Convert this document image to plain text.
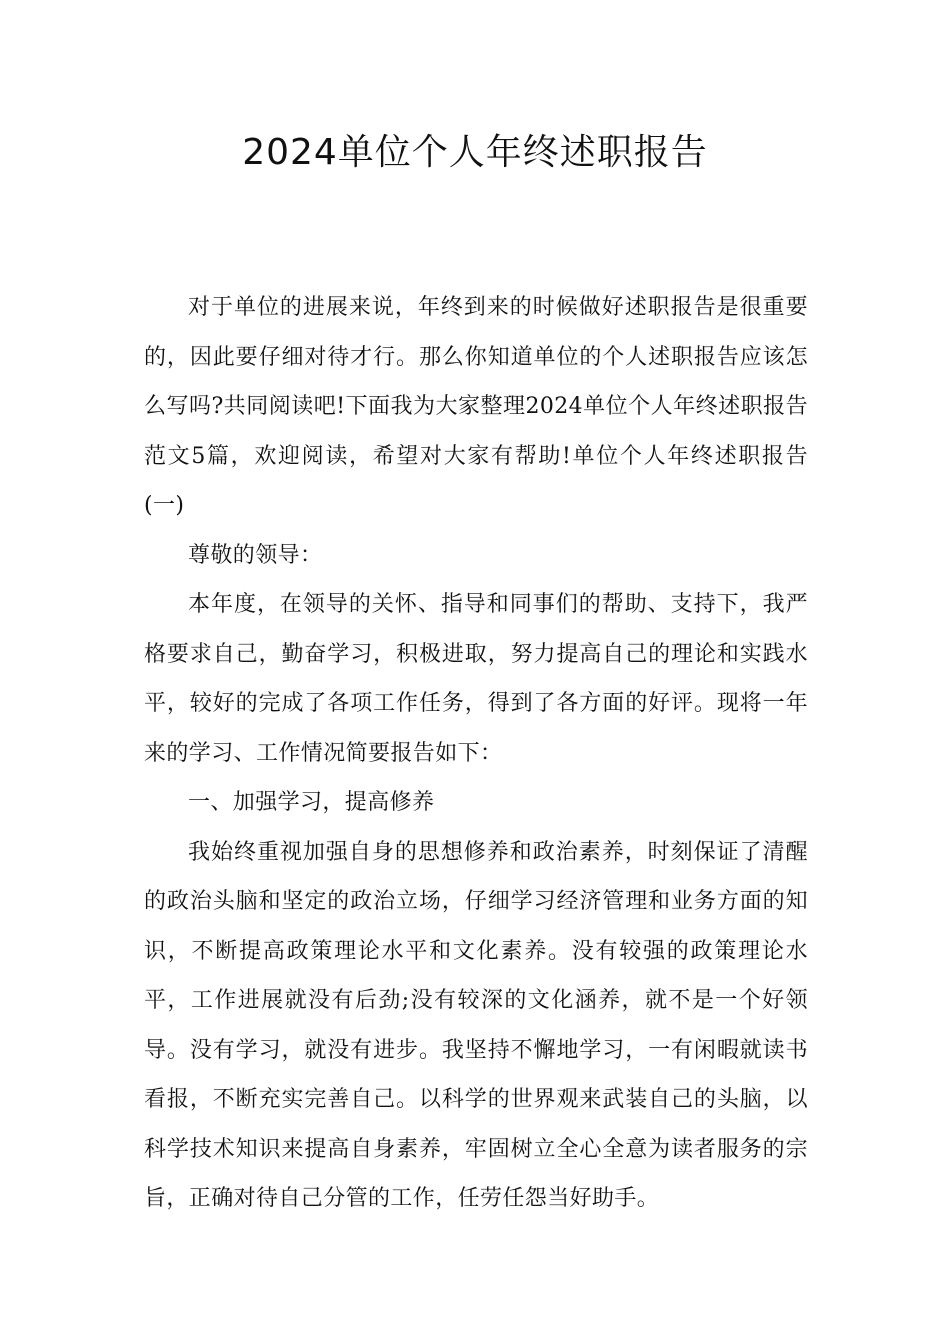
2024单位个人年终述职报告

对于单位的进展来说，年终到来的时候做好述职报告是很重要的，因此要仔细对待才行。那么你知道单位的个人述职报告应该怎么写吗?共同阅读吧!下面我为大家整理2024单位个人年终述职报告范文5篇，欢迎阅读，希望对大家有帮助!单位个人年终述职报告(一)

尊敬的领导：

本年度，在领导的关怀、指导和同事们的帮助、支持下，我严格要求自己，勤奋学习，积极进取，努力提高自己的理论和实践水平，较好的完成了各项工作任务，得到了各方面的好评。现将一年来的学习、工作情况简要报告如下：

一、加强学习，提高修养

我始终重视加强自身的思想修养和政治素养，时刻保证了清醒的政治头脑和坚定的政治立场，仔细学习经济管理和业务方面的知识，不断提高政策理论水平和文化素养。没有较强的政策理论水平，工作进展就没有后劲;没有较深的文化涵养，就不是一个好领导。没有学习，就没有进步。我坚持不懈地学习，一有闲暇就读书看报，不断充实完善自己。以科学的世界观来武装自己的头脑，以科学技术知识来提高自身素养，牢固树立全心全意为读者服务的宗旨，正确对待自己分管的工作，任劳任怨当好助手。
